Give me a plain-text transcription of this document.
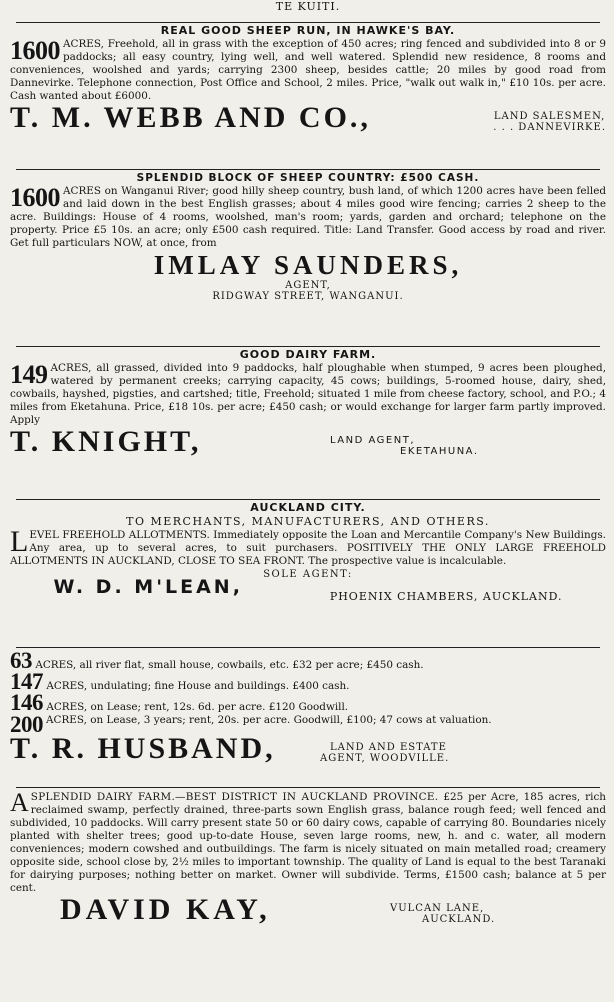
TE KUITI.
REAL GOOD SHEEP RUN, IN HAWKE'S BAY.

1600 ACRES, Freehold, all in grass with the exception of 450 acres; ring fenced and subdivided into 8 or 9 paddocks; all easy country, lying well, and well watered. Splendid new residence, 8 rooms and conveniences, woolshed and yards; carrying 2300 sheep, besides cattle; 20 miles by good road from Dannevirke. Telephone connection, Post Office and School, 2 miles. Price, "walk out walk in," £10 10s. per acre. Cash wanted about £6000.

T. M. WEBB AND CO.,	LAND SALESMEN,
. . . DANNEVIRKE.
SPLENDID BLOCK OF SHEEP COUNTRY: £500 CASH.

1600 ACRES on Wanganui River; good hilly sheep country, bush land, of which 1200 acres have been felled and laid down in the best English grasses; about 4 miles good wire fencing; carries 2 sheep to the acre. Buildings: House of 4 rooms, woolshed, man's room; yards, garden and orchard; telephone on the property. Price £5 10s. an acre; only £500 cash required. Title: Land Transfer. Good access by road and river. Get full particulars NOW, at once, from

IMLAY SAUNDERS,
AGENT,
RIDGWAY STREET, WANGANUI.
GOOD DAIRY FARM.

149 ACRES, all grassed, divided into 9 paddocks, half ploughable when stumped, 9 acres been ploughed, watered by permanent creeks; carrying capacity, 45 cows; buildings, 5-roomed house, dairy, shed, cowbails, hayshed, pigsties, and cartshed; title, Freehold; situated 1 mile from cheese factory, school, and P.O.; 4 miles from Eketahuna. Price, £18 10s. per acre; £450 cash; or would exchange for larger farm partly improved. Apply

T. KNIGHT,	LAND AGENT,
EKETAHUNA.
AUCKLAND CITY.
TO MERCHANTS, MANUFACTURERS, AND OTHERS.

L EVEL FREEHOLD ALLOTMENTS. Immediately opposite the Loan and Mercantile Company's New Buildings. Any area, up to several acres, to suit purchasers. POSITIVELY THE ONLY LARGE FREEHOLD ALLOTMENTS IN AUCKLAND, CLOSE TO SEA FRONT. The prospective value is incalculable.

SOLE AGENT:
W. D. M'LEAN,	PHOENIX CHAMBERS, AUCKLAND.
63 ACRES, all river flat, small house, cowbails, etc. £32 per acre; £450 cash.
147 ACRES, undulating; fine House and buildings. £400 cash.
146 ACRES, on Lease; rent, 12s. 6d. per acre. £120 Goodwill.

200 ACRES, on Lease, 3 years; rent, 20s. per acre. Goodwill, £100; 47 cows at valuation.

T. R. HUSBAND,	LAND AND ESTATE
AGENT, WOODVILLE.

A SPLENDID DAIRY FARM.—BEST DISTRICT IN AUCKLAND PROVINCE. £25 per Acre, 185 acres, rich reclaimed swamp, perfectly drained, three-parts sown English grass, balance rough feed; well fenced and subdivided, 10 paddocks. Will carry present state 50 or 60 dairy cows, capable of carrying 80. Boundaries nicely planted with shelter trees; good up-to-date House, seven large rooms, new, h. and c. water, all modern conveniences; modern cowshed and outbuildings. The farm is nicely situated on main metalled road; creamery opposite side, school close by, 2½ miles to important township. The quality of Land is equal to the best Taranaki for dairying purposes; nothing better on market. Owner will subdivide. Terms, £1500 cash; balance at 5 per cent.

DAVID KAY,	VULCAN LANE,
AUCKLAND.
